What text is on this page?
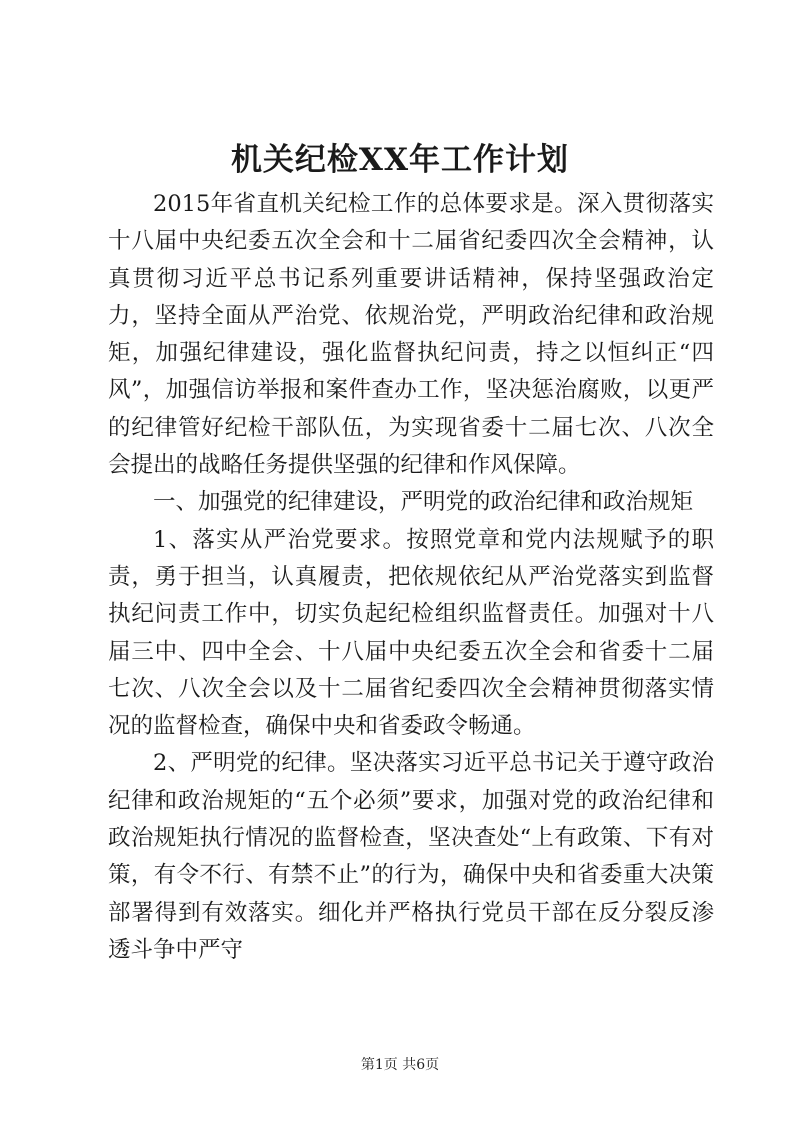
机关纪检XX年工作计划

2015年省直机关纪检工作的总体要求是。深入贯彻落实十八届中央纪委五次全会和十二届省纪委四次全会精神，认真贯彻习近平总书记系列重要讲话精神，保持坚强政治定力，坚持全面从严治党、依规治党，严明政治纪律和政治规矩，加强纪律建设，强化监督执纪问责，持之以恒纠正“四风”，加强信访举报和案件查办工作，坚决惩治腐败，以更严的纪律管好纪检干部队伍，为实现省委十二届七次、八次全会提出的战略任务提供坚强的纪律和作风保障。

一、加强党的纪律建设，严明党的政治纪律和政治规矩

1、落实从严治党要求。按照党章和党内法规赋予的职责，勇于担当，认真履责，把依规依纪从严治党落实到监督执纪问责工作中，切实负起纪检组织监督责任。加强对十八届三中、四中全会、十八届中央纪委五次全会和省委十二届七次、八次全会以及十二届省纪委四次全会精神贯彻落实情况的监督检查，确保中央和省委政令畅通。

2、严明党的纪律。坚决落实习近平总书记关于遵守政治纪律和政治规矩的“五个必须”要求，加强对党的政治纪律和政治规矩执行情况的监督检查，坚决查处“上有政策、下有对策，有令不行、有禁不止”的行为，确保中央和省委重大决策部署得到有效落实。细化并严格执行党员干部在反分裂反渗透斗争中严守

第1页 共6页
